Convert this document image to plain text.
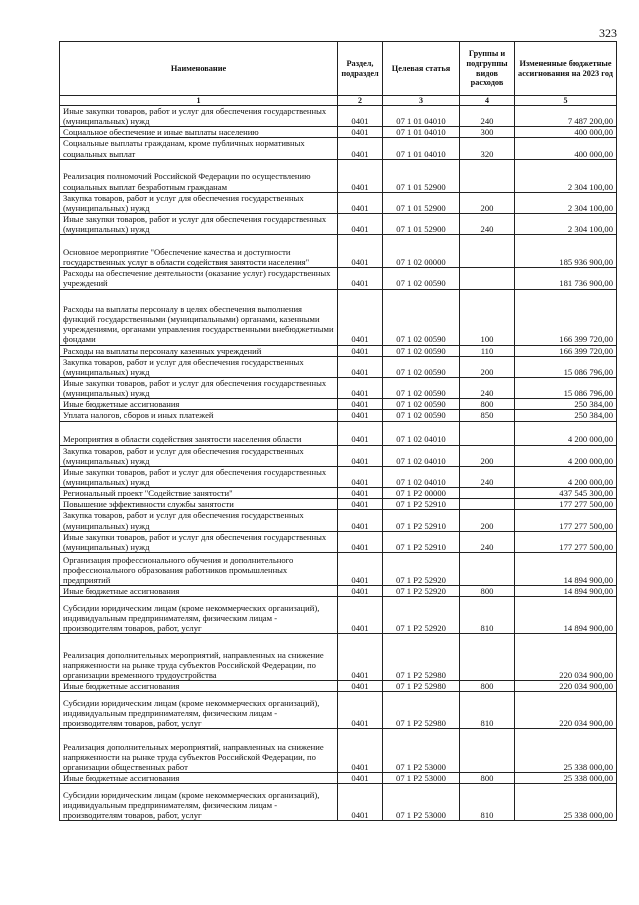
323
Наименование	Раздел, подраздел	Целевая статья	Группы и подгруппы видов расходов	Измененные бюджетные ассигнования на 2023 год
1	2	3	4	5
Иные закупки товаров, работ и услуг для обеспечения государственных (муниципальных) нужд	0401	07 1 01 04010	240	7 487 200,00
Социальное обеспечение и иные выплаты населению	0401	07 1 01 04010	300	400 000,00
Социальные выплаты гражданам, кроме публичных нормативных социальных выплат	0401	07 1 01 04010	320	400 000,00
Реализация полномочий Российской Федерации по осуществлению социальных выплат безработным гражданам	0401	07 1 01 52900		2 304 100,00
Закупка товаров, работ и услуг для обеспечения государственных (муниципальных) нужд	0401	07 1 01 52900	200	2 304 100,00
Иные закупки товаров, работ и услуг для обеспечения государственных (муниципальных) нужд	0401	07 1 01 52900	240	2 304 100,00
Основное мероприятие "Обеспечение качества и доступности государственных услуг в области содействия занятости населения"	0401	07 1 02 00000		185 936 900,00
Расходы на обеспечение деятельности (оказание услуг) государственных учреждений	0401	07 1 02 00590		181 736 900,00
Расходы на выплаты персоналу в целях обеспечения выполнения функций государственными (муниципальными) органами, казенными учреждениями, органами управления государственными внебюджетными фондами	0401	07 1 02 00590	100	166 399 720,00
Расходы на выплаты персоналу казенных учреждений	0401	07 1 02 00590	110	166 399 720,00
Закупка товаров, работ и услуг для обеспечения государственных (муниципальных) нужд	0401	07 1 02 00590	200	15 086 796,00
Иные закупки товаров, работ и услуг для обеспечения государственных (муниципальных) нужд	0401	07 1 02 00590	240	15 086 796,00
Иные бюджетные ассигнования	0401	07 1 02 00590	800	250 384,00
Уплата налогов, сборов и иных платежей	0401	07 1 02 00590	850	250 384,00
Мероприятия в области содействия занятости населения области	0401	07 1 02 04010		4 200 000,00
Закупка товаров, работ и услуг для обеспечения государственных (муниципальных) нужд	0401	07 1 02 04010	200	4 200 000,00
Иные закупки товаров, работ и услуг для обеспечения государственных (муниципальных) нужд	0401	07 1 02 04010	240	4 200 000,00
Региональный проект "Содействие занятости"	0401	07 1 P2 00000		437 545 300,00
Повышение эффективности службы занятости	0401	07 1 P2 52910		177 277 500,00
Закупка товаров, работ и услуг для обеспечения государственных (муниципальных) нужд	0401	07 1 P2 52910	200	177 277 500,00
Иные закупки товаров, работ и услуг для обеспечения государственных (муниципальных) нужд	0401	07 1 P2 52910	240	177 277 500,00
Организация профессионального обучения и дополнительного профессионального образования работников промышленных предприятий	0401	07 1 P2 52920		14 894 900,00
Иные бюджетные ассигнования	0401	07 1 P2 52920	800	14 894 900,00
Субсидии юридическим лицам (кроме некоммерческих организаций), индивидуальным предпринимателям, физическим лицам - производителям товаров, работ, услуг	0401	07 1 P2 52920	810	14 894 900,00
Реализация дополнительных мероприятий, направленных на снижение напряженности на рынке труда субъектов Российской Федерации, по организации временного трудоустройства	0401	07 1 P2 52980		220 034 900,00
Иные бюджетные ассигнования	0401	07 1 P2 52980	800	220 034 900,00
Субсидии юридическим лицам (кроме некоммерческих организаций), индивидуальным предпринимателям, физическим лицам - производителям товаров, работ, услуг	0401	07 1 P2 52980	810	220 034 900,00
Реализация дополнительных мероприятий, направленных на снижение напряженности на рынке труда субъектов Российской Федерации, по организации общественных работ	0401	07 1 P2 53000		25 338 000,00
Иные бюджетные ассигнования	0401	07 1 P2 53000	800	25 338 000,00
Субсидии юридическим лицам (кроме некоммерческих организаций), индивидуальным предпринимателям, физическим лицам - производителям товаров, работ, услуг	0401	07 1 P2 53000	810	25 338 000,00
